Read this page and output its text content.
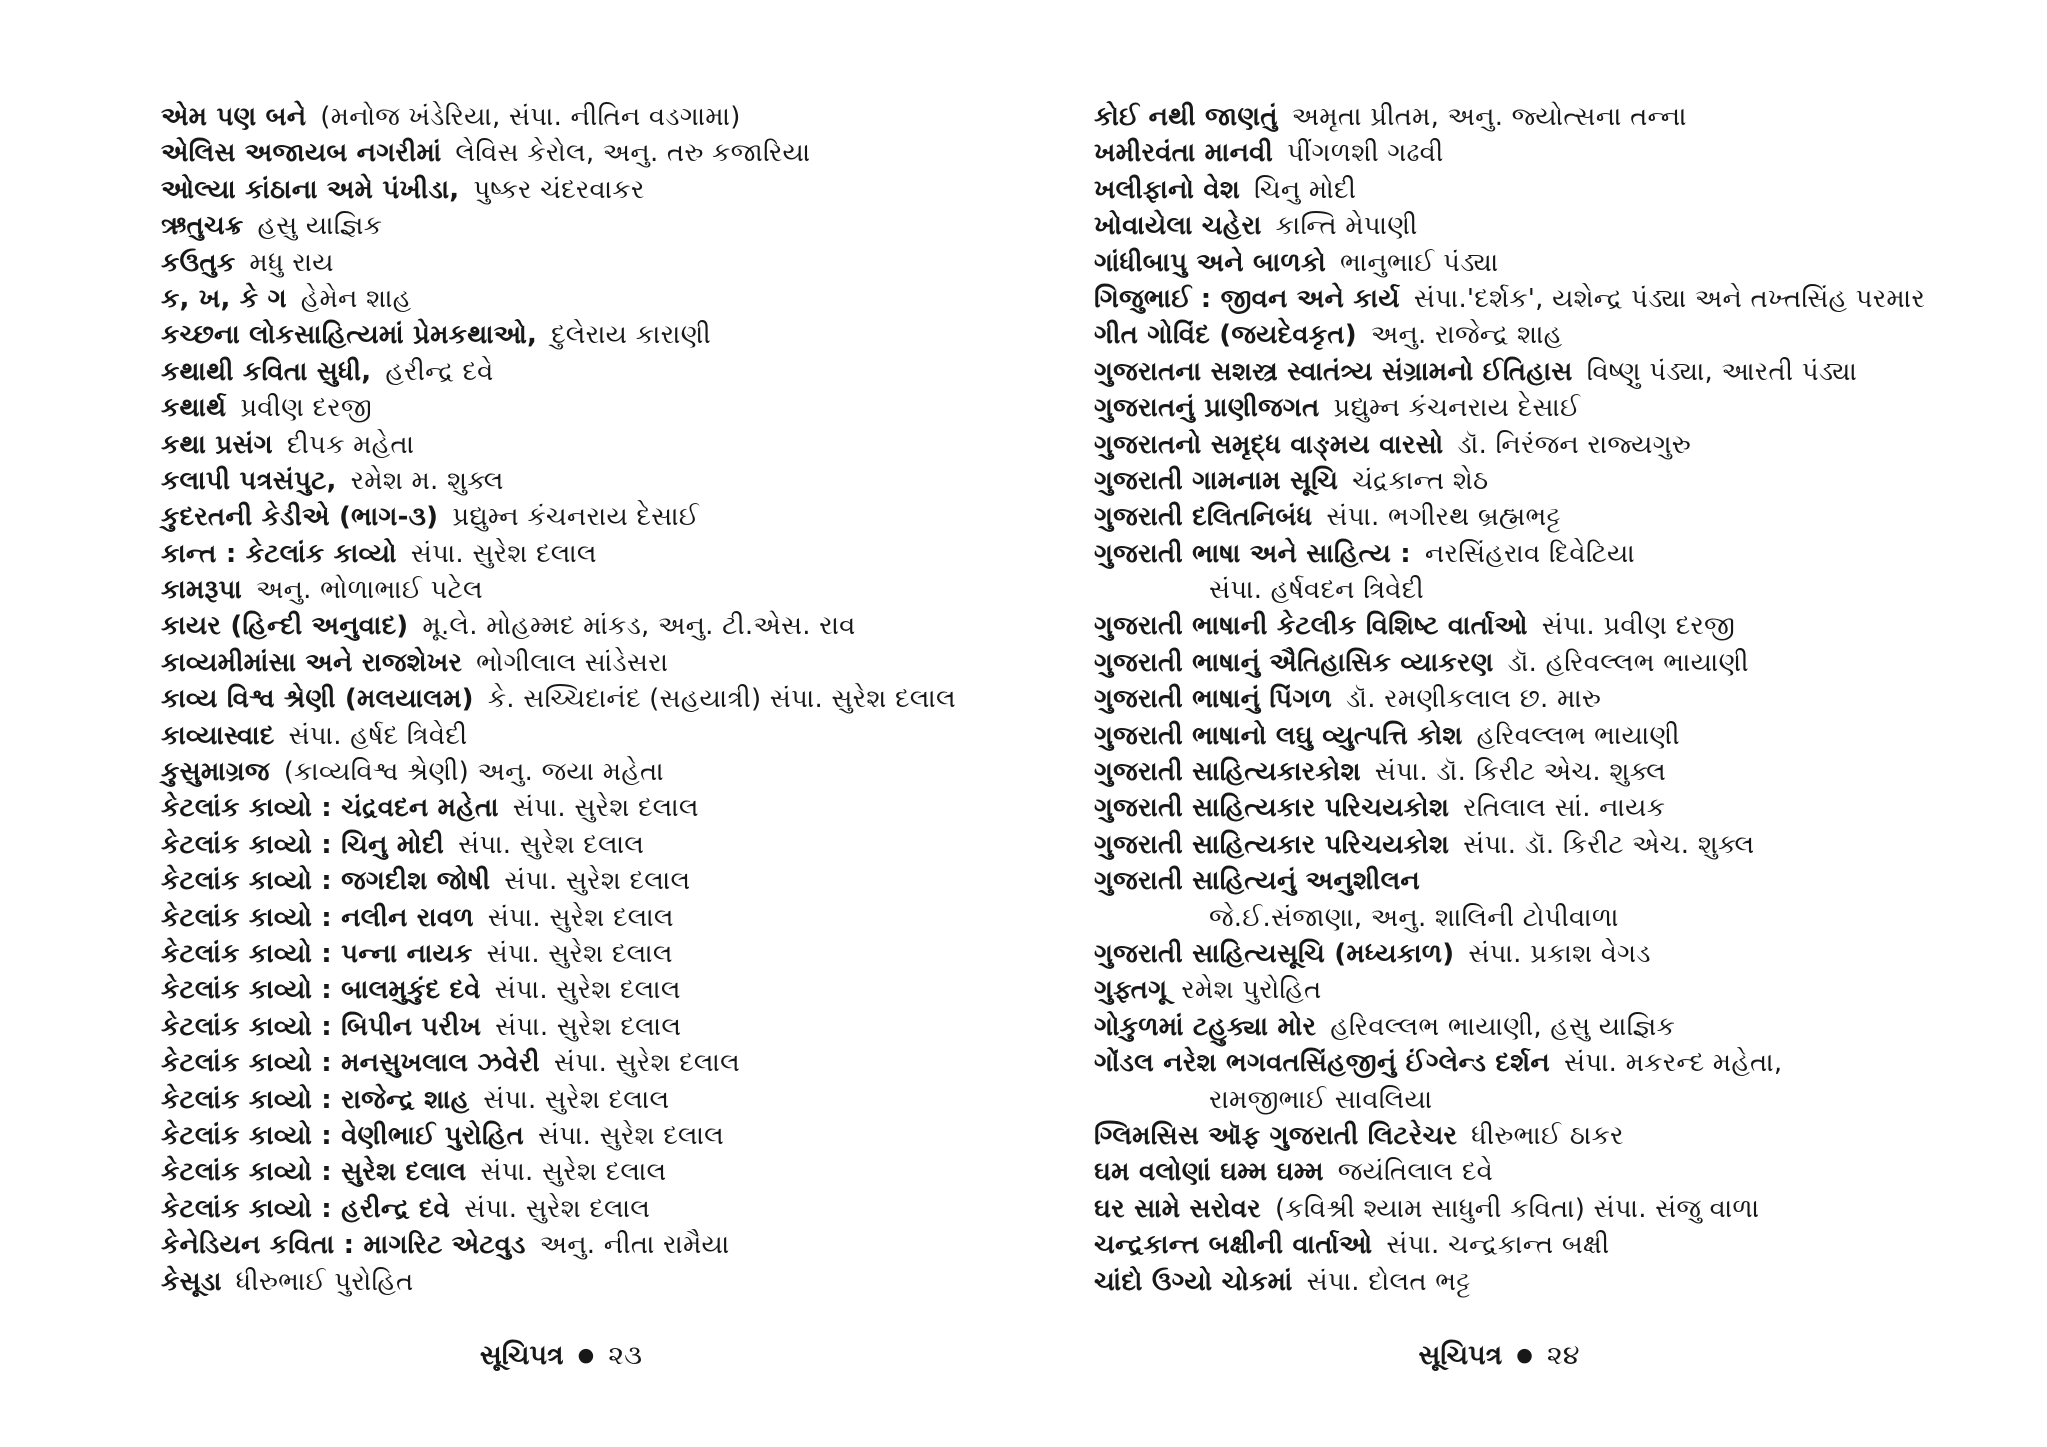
એમ પણ બને (મનોજ ખંડેરિયા, સંપા. નીતિન વડગામા)
એલિસ અજાયબ નગરીમાં લેવિસ કેરોલ, અનુ. તરુ કજારિયા
ઓલ્યા કાંઠાના અમે પંખીડા, પુષ્કર ચંદરવાકર
ઋતુચક્ર હસુ યાજ્ઞિક
કઉતુક મધુ રાય
ક, ખ, કે ગ હેમેન શાહ
કચ્છના લોકસાહિત્યમાં પ્રેમકથાઓ, દુલેરાય કારાણી
કથાથી કવિતા સુધી, હરીન્દ્ર દવે
કથાર્થ પ્રવીણ દરજી
કથા પ્રસંગ દીપક મહેતા
કલાપી પત્રસંપુટ, રમેશ મ. શુક્લ
કુદરતની કેડીએ (ભાગ-૩) પ્રદ્યુમ્ન કંચનરાય દેસાઈ
કાન્ત : કેટલાંક કાવ્યો સંપા. સુરેશ દલાલ
કામરૂપા અનુ. ભોળાભાઈ પટેલ
કાયર (હિન્દી અનુવાદ) મૂ.લે. મોહમ્મદ માંકડ, અનુ. ટી.એસ. રાવ
કાવ્યમીમાંસા અને રાજશેખર ભોગીલાલ સાંડેસરા
કાવ્ય વિશ્વ શ્રેણી (મલયાલમ) કે. સચ્ચિદાનંદ (સહયાત્રી) સંપા. સુરેશ દલાલ
કાવ્યાસ્વાદ સંપા. હર્ષદ ત્રિવેદી
કુસુમાગ્રજ (કાવ્યવિશ્વ શ્રેણી) અનુ. જયા મહેતા
કેટલાંક કાવ્યો : ચંદ્રવદન મહેતા સંપા. સુરેશ દલાલ
કેટલાંક કાવ્યો : ચિનુ મોદી સંપા. સુરેશ દલાલ
કેટલાંક કાવ્યો : જગદીશ જોષી સંપા. સુરેશ દલાલ
કેટલાંક કાવ્યો : નલીન રાવળ સંપા. સુરેશ દલાલ
કેટલાંક કાવ્યો : પન્ના નાયક સંપા. સુરેશ દલાલ
કેટલાંક કાવ્યો : બાલમુકુંદ દવે સંપા. સુરેશ દલાલ
કેટલાંક કાવ્યો : બિપીન પરીખ સંપા. સુરેશ દલાલ
કેટલાંક કાવ્યો : મનસુખલાલ ઝવેરી સંપા. સુરેશ દલાલ
કેટલાંક કાવ્યો : રાજેન્દ્ર શાહ સંપા. સુરેશ દલાલ
કેટલાંક કાવ્યો : વેણીભાઈ પુરોહિત સંપા. સુરેશ દલાલ
કેટલાંક કાવ્યો : સુરેશ દલાલ સંપા. સુરેશ દલાલ
કેટલાંક કાવ્યો : હરીન્દ્ર દવે સંપા. સુરેશ દલાલ
કેનેડિયન કવિતા : માગરિટ એટવુડ અનુ. નીતા રામૈયા
કેસૂડા ધીરુભાઈ પુરોહિત
કોઈ નથી જાણતું અમૃતા પ્રીતમ, અનુ. જ્યોત્સના તન્ના
ખમીરવંતા માનવી પીંગળશી ગઢવી
ખલીફાનો વેશ ચિનુ મોદી
ખોવાયેલા ચહેરા કાન્તિ મેપાણી
ગાંધીબાપુ અને બાળકો ભાનુભાઈ પંડ્યા
ગિજુભાઈ : જીવન અને કાર્ય સંપા.'દર્શક', યશેન્દ્ર પંડ્યા અને તખ્તસિંહ પરમાર
ગીત ગોવિંદ (જયદેવકૃત) અનુ. રાજેન્દ્ર શાહ
ગુજરાતના સશસ્ત્ર સ્વાતંત્ર્ય સંગ્રામનો ઈતિહાસ વિષ્ણુ પંડ્યા, આરતી પંડ્યા
ગુજરાતનું પ્રાણીજગત પ્રદ્યુમ્ન કંચનરાય દેસાઈ
ગુજરાતનો સમૃદ્ધ વાઙ્મય વારસો ડૉ. નિરંજન રાજ્યગુરુ
ગુજરાતી ગામનામ સૂચિ ચંદ્રકાન્ત શેઠ
ગુજરાતી દલિતનિબંધ સંપા. ભગીરથ બ્રહ્મભટ્ટ
ગુજરાતી ભાષા અને સાહિત્ય : નરસિંહરાવ દિવેટિયા
સંપા. હર્ષવદન ત્રિવેદી
ગુજરાતી ભાષાની કેટલીક વિશિષ્ટ વાર્તાઓ સંપા. પ્રવીણ દરજી
ગુજરાતી ભાષાનું ઐતિહાસિક વ્યાકરણ ડૉ. હરિવલ્લભ ભાયાણી
ગુજરાતી ભાષાનું પિંગળ ડૉ. રમણીકલાલ છ. મારુ
ગુજરાતી ભાષાનો લઘુ વ્યુત્પત્તિ કોશ હરિવલ્લભ ભાયાણી
ગુજરાતી સાહિત્યકારકોશ સંપા. ડૉ. કિરીટ એચ. શુક્લ
ગુજરાતી સાહિત્યકાર પરિચયકોશ રતિલાલ સાં. નાયક
ગુજરાતી સાહિત્યકાર પરિચયકોશ સંપા. ડૉ. કિરીટ એચ. શુક્લ
ગુજરાતી સાહિત્યનું અનુશીલન
જે.ઈ.સંજાણા, અનુ. શાલિની ટોપીવાળા
ગુજરાતી સાહિત્યસૂચિ (મધ્યકાળ) સંપા. પ્રકાશ વેગડ
ગુફ્તગૂ રમેશ પુરોહિત
ગોકુળમાં ટહુક્યા મોર હરિવલ્લભ ભાયાણી, હસુ યાજ્ઞિક
ગોંડલ નરેશ ભગવતસિંહજીનું ઈંગ્લેન્ડ દર્શન સંપા. મકરન્દ મહેતા,
રામજીભાઈ સાવલિયા
ગ્લિમસિસ ઑફ ગુજરાતી લિટરેચર ધીરુભાઈ ઠાકર
ઘમ વલોણાં ઘમ્મ ઘમ્મ જયંતિલાલ દવે
ઘર સામે સરોવર (કવિશ્રી શ્યામ સાધુની કવિતા) સંપા. સંજુ વાળા
ચન્દ્રકાન્ત બક્ષીની વાર્તાઓ સંપા. ચન્દ્રકાન્ત બક્ષી
ચાંદો ઉગ્યો ચોકમાં સંપા. દોલત ભટ્ટ
સૂચિપત્ર ● ૨૩	સૂચિપત્ર ● ૨૪
